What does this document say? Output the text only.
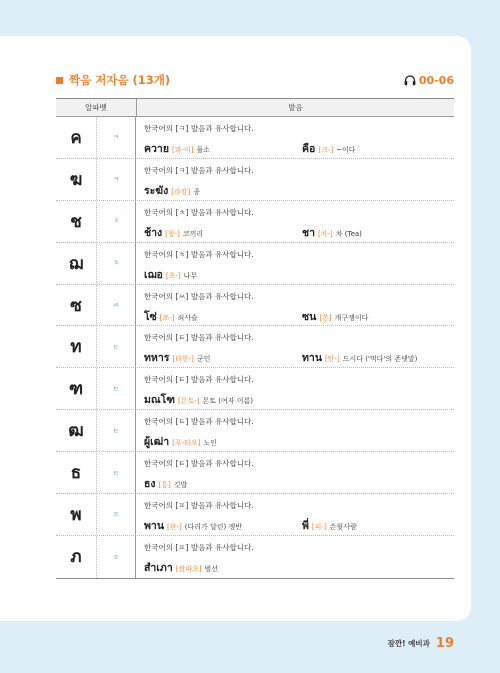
짝음 저자음 (13개)	00-06
알파벳	발음
ค	ㅋ
한국어의 [ㅋ] 발음과 유사합니다.
ควาย [콰-이] 물소	คือ [크-] ~이다
ฆ	ㅋ
한국어의 [ㅋ] 발음과 유사합니다.
ระฆัง [라캉] 종
ช	ㅊ
한국어의 [ㅊ] 발음과 유사합니다.
ช้าง [창-] 코끼리	ชา [차-] 차 (Tea)
ฌ	ㅊ
한국어의 [ㅊ] 발음과 유사합니다.
เฌอ [츠-] 나무
ซ	ㅆ
한국어의 [ㅆ] 발음과 유사합니다.
โซ่ [쏘-] 쇠사슬	ซน [쏜] 개구쟁이다
ท	ㅌ
한국어의 [ㅌ] 발음과 유사합니다.
ทหาร [타한-] 군인	ทาน [탄-] 드시다 ('먹다'의 존댓말)
ฑ	ㅌ
한국어의 [ㅌ] 발음과 유사합니다.
มณโฑ [몬토-] 몬토 (여자 이름)
ฒ	ㅌ
한국어의 [ㅌ] 발음과 유사합니다.
ผู้เฒ่า [푸-타오] 노인
ธ	ㅌ
한국어의 [ㅌ] 발음과 유사합니다.
ธง [통] 깃발
พ	ㅍ
한국어의 [ㅍ] 발음과 유사합니다.
พาน [판-] (다리가 달린) 쟁반	พี่ [피-] 손윗사람
ภ	ㅍ
한국어의 [ㅍ] 발음과 유사합니다.
สำเภา [쌈파오] 범선
잠깐! 예비과 19
